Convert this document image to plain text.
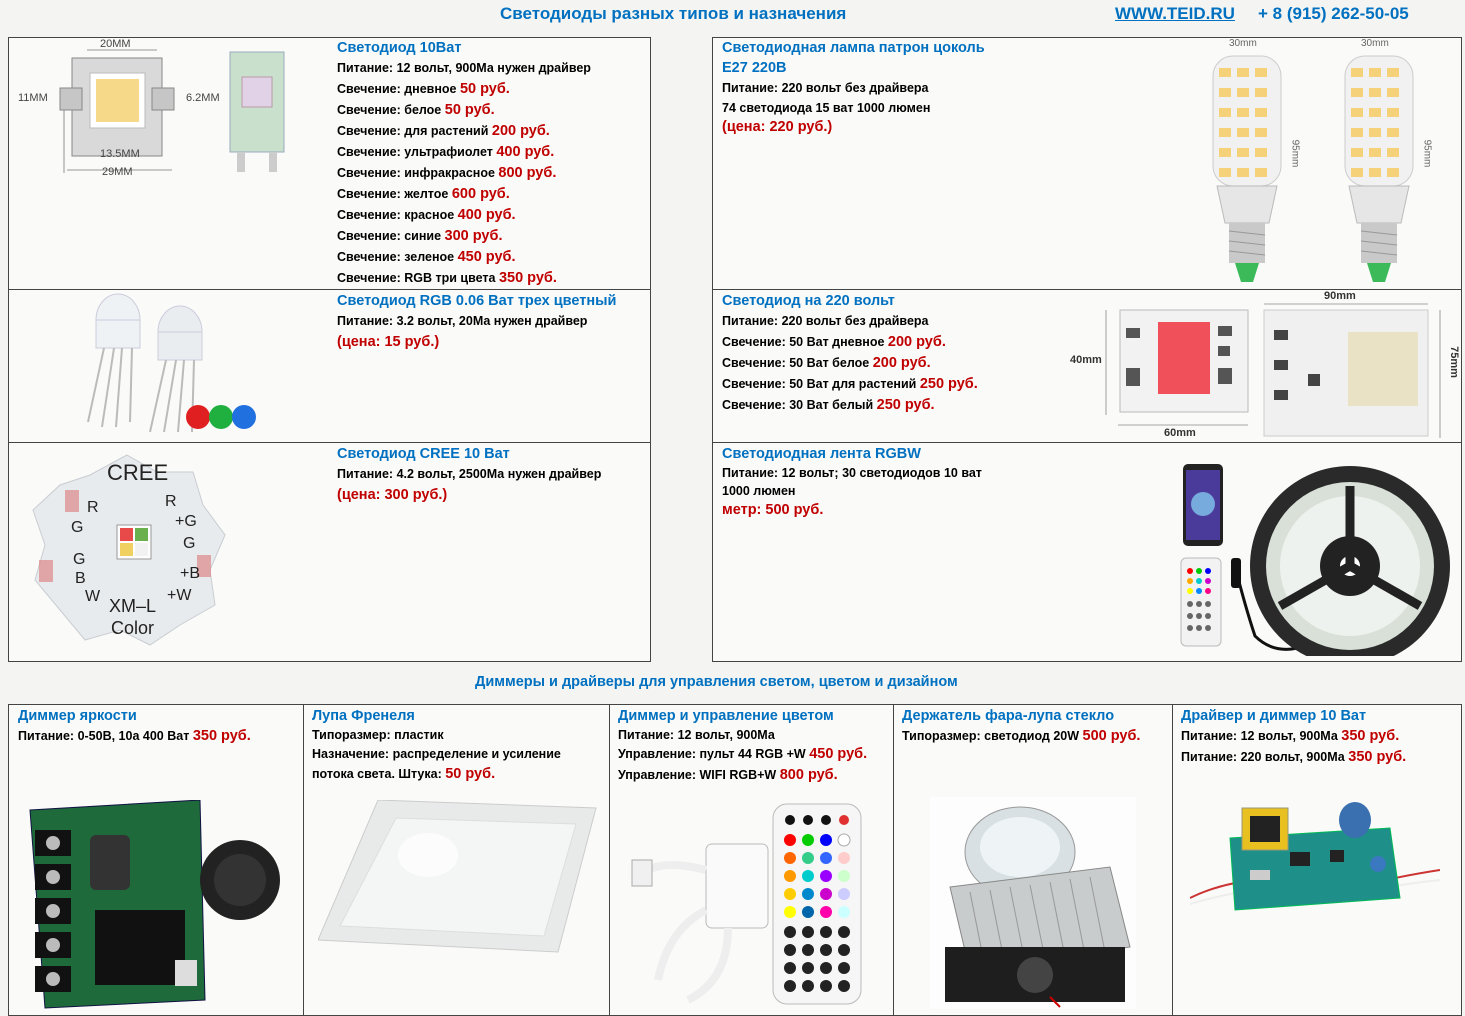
Светодиоды разных типов и назначения	WWW.TEID.RU + 8 (915) 262-50-05
20MM
11MM	6.2MM
13.5MM
29MM
Светодиод 10Ват
Питание: 12 вольт, 900Ма нужен драйвер
Свечение: дневное 50 руб.
Свечение: белое 50 руб.
Свечение: для растений 200 руб.
Свечение: ультрафиолет 400 руб.
Свечение: инфракрасное 800 руб.
Свечение: желтое 600 руб.
Свечение: красное 400 руб.
Свечение: синие 300 руб.
Свечение: зеленое 450 руб.
Свечение: RGB три цвета 350 руб.
Светодиод RGB 0.06 Ват трех цветный
Питание: 3.2 вольт, 20Ма нужен драйвер
(цена: 15 руб.)
G
R	R
+G
G
G
B
W
+B
+W
CREE
XM–L
Color
Светодиод CREE 10 Ват
Питание: 4.2 вольт, 2500Ма нужен драйвер
(цена: 300 руб.)
Светодиодная лампа патрон цоколь
Е27 220В
Питание: 220 вольт без драйвера
74 светодиода 15 ват 1000 люмен
(цена: 220 руб.)
30mm	30mm
95mm	95mm
Светодиод на 220 вольт
Питание: 220 вольт без драйвера
Свечение: 50 Ват дневное 200 руб.
Свечение: 50 Ват белое 200 руб.
Свечение: 50 Ват для растений 250 руб.
Свечение: 30 Ват белый 250 руб.
40mm
60mm
90mm
75mm
Светодиодная лента RGBW
Питание: 12 вольт; 30 светодиодов 10 ват
1000 люмен
метр: 500 руб.
Диммеры и драйверы для управления светом, цветом и дизайном
Диммер яркости
Питание: 0-50В, 10а 400 Ват 350 руб.
Лупа Френеля
Типоразмер: пластик
Назначение: распределение и усиление
потока света. Штука: 50 руб.
Диммер и управление цветом
Питание: 12 вольт, 900Ма
Управление: пульт 44 RGB +W 450 руб.
Управление: WIFI RGB+W 800 руб.
Держатель фара-лупа стекло
Типоразмер: светодиод 20W 500 руб.
Драйвер и диммер 10 Ват
Питание: 12 вольт, 900Ма 350 руб.
Питание: 220 вольт, 900Ма 350 руб.
